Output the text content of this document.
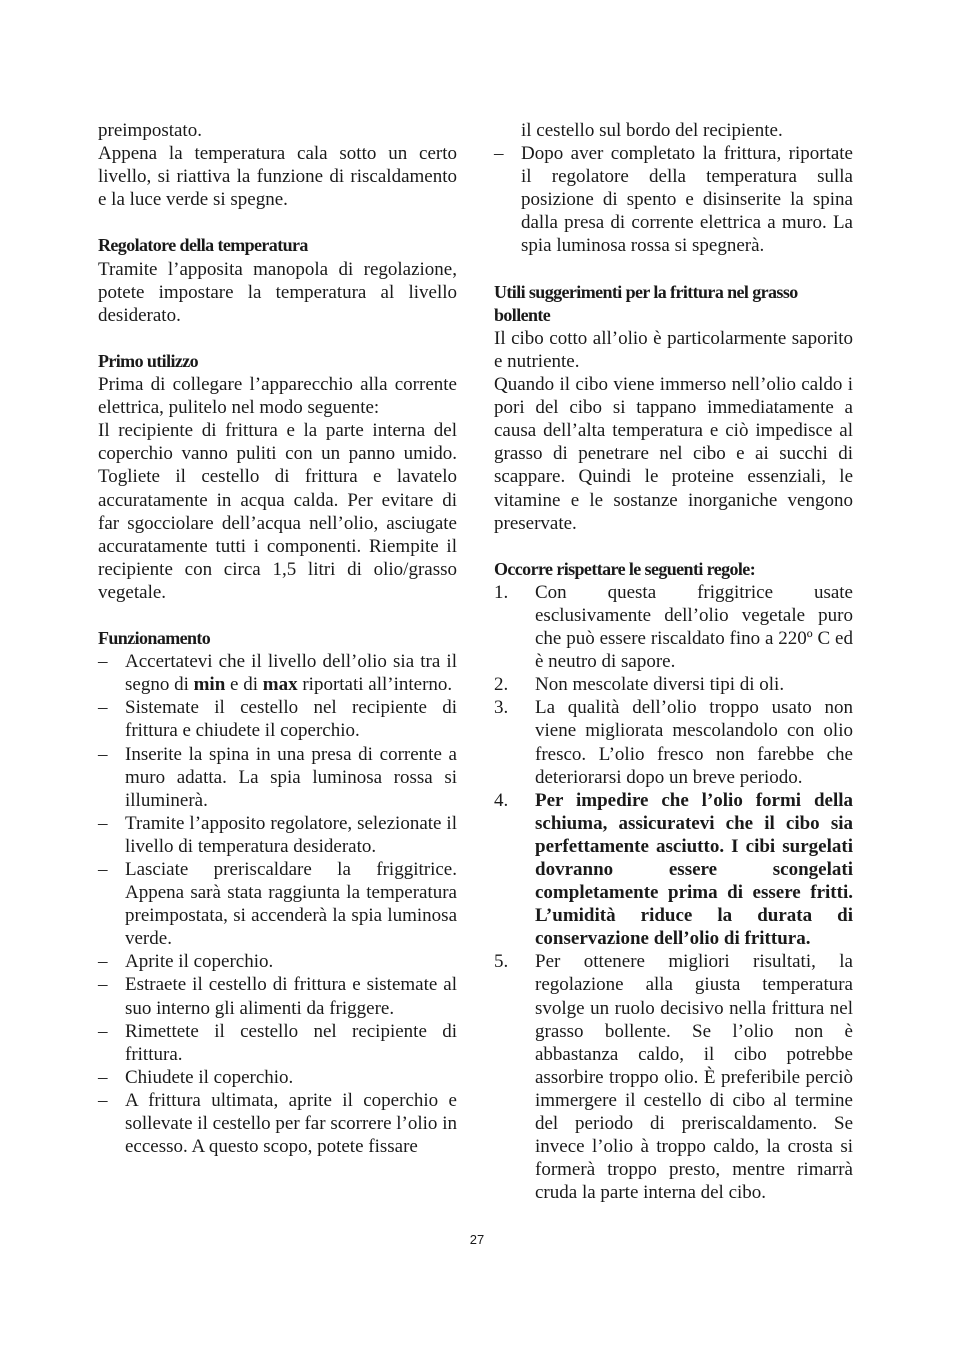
preimpostato.

Appena la temperatura cala sotto un certo livello, si riattiva la funzione di riscaldamento e la luce verde si spegne.

Regolatore della temperatura

Tramite l’apposita manopola di regolazione, potete impostare la temperatura al livello desiderato.

Primo utilizzo

Prima di collegare l’apparecchio alla corrente elettrica, pulitelo nel modo seguente:

Il recipiente di frittura e la parte interna del coperchio vanno puliti con un panno umido. Togliete il cestello di frittura e lavatelo accuratamente in acqua calda. Per evitare di far sgocciolare dell’acqua nell’olio, asciugate accuratamente tutti i componenti. Riempite il recipiente con circa 1,5 litri di olio/grasso vegetale.

Funzionamento

– Accertatevi che il livello dell’olio sia tra il segno di min e di max riportati all’interno.
– Sistemate il cestello nel recipiente di frittura e chiudete il coperchio.
– Inserite la spina in una presa di corrente a muro adatta. La spia luminosa rossa si illuminerà.
– Tramite l’apposito regolatore, selezionate il livello di temperatura desiderato.
– Lasciate preriscaldare la friggitrice. Appena sarà stata raggiunta la temperatura preimpostata, si accenderà la spia luminosa verde.
– Aprite il coperchio.
– Estraete il cestello di frittura e sistemate al suo interno gli alimenti da friggere.
– Rimettete il cestello nel recipiente di frittura.
– Chiudete il coperchio.
– A frittura ultimata, aprite il coperchio e sollevate il cestello per far scorrere l’olio in eccesso. A questo scopo, potete fissare

il cestello sul bordo del recipiente.

– Dopo aver completato la frittura, riportate il regolatore della temperatura sulla posizione di spento e disinserite la spina dalla presa di corrente elettrica a muro. La spia luminosa rossa si spegnerà.

Utili suggerimenti per la frittura nel grasso bollente

Il cibo cotto all’olio è particolarmente saporito e nutriente.

Quando il cibo viene immerso nell’olio caldo i pori del cibo si tappano immediatamente a causa dell’alta temperatura e ciò impedisce al grasso di penetrare nel cibo e ai succhi di scappare. Quindi le proteine essenziali, le vitamine e le sostanze inorganiche vengono preservate.

Occorre rispettare le seguenti regole:

1. Con questa friggitrice usate esclusivamente dell’olio vegetale puro che può essere riscaldato fino a 220º C ed è neutro di sapore.
2. Non mescolate diversi tipi di oli.
3. La qualità dell’olio troppo usato non viene migliorata mescolandolo con olio fresco. L’olio fresco non farebbe che deteriorarsi dopo un breve periodo.
4. Per impedire che l’olio formi della schiuma, assicuratevi che il cibo sia perfettamente asciutto. I cibi surgelati dovranno essere scongelati completamente prima di essere fritti. L’umidità riduce la durata di conservazione dell’olio di frittura.
5. Per ottenere migliori risultati, la regolazione alla giusta temperatura svolge un ruolo decisivo nella frittura nel grasso bollente. Se l’olio non è abbastanza caldo, il cibo potrebbe assorbire troppo olio. È preferibile perciò immergere il cestello di cibo al termine del periodo di preriscaldamento. Se invece l’olio à troppo caldo, la crosta si formerà troppo presto, mentre rimarrà cruda la parte interna del cibo.
27
